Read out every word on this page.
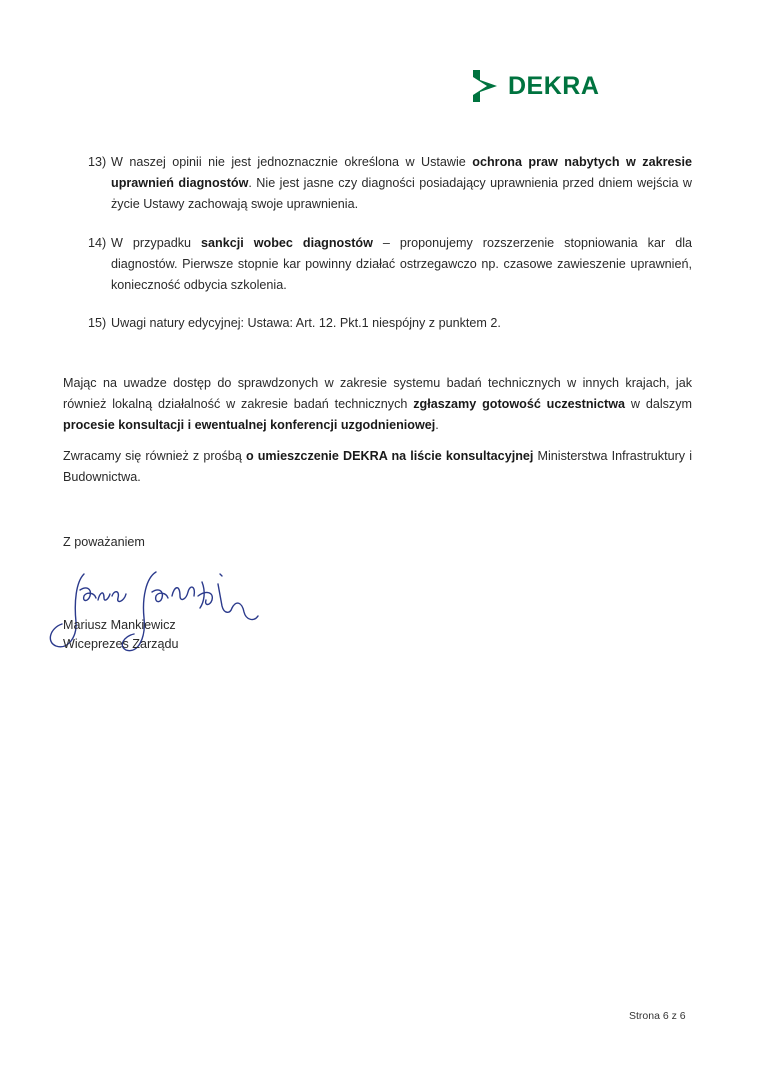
DEKRA
13) W naszej opinii nie jest jednoznacznie określona w Ustawie ochrona praw nabytych w zakresie uprawnień diagnostów. Nie jest jasne czy diagności posiadający uprawnienia przed dniem wejścia w życie Ustawy zachowają swoje uprawnienia.
14) W przypadku sankcji wobec diagnostów – proponujemy rozszerzenie stopniowania kar dla diagnostów. Pierwsze stopnie kar powinny działać ostrzegawczo np. czasowe zawieszenie uprawnień, konieczność odbycia szkolenia.
15) Uwagi natury edycyjnej: Ustawa: Art. 12. Pkt.1 niespójny z punktem 2.
Mając na uwadze dostęp do sprawdzonych w zakresie systemu badań technicznych w innych krajach, jak również lokalną działalność w zakresie badań technicznych zgłaszamy gotowość uczestnictwa w dalszym procesie konsultacji i ewentualnej konferencji uzgodnieniowej.
Zwracamy się również z prośbą o umieszczenie DEKRA na liście konsultacyjnej Ministerstwa Infrastruktury i Budownictwa.
Z poważaniem
Mariusz Mankiewicz
Wiceprezes Zarządu
Strona 6 z 6
